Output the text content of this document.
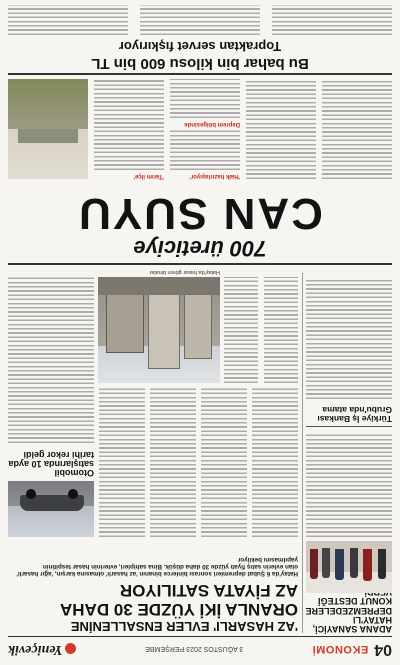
04
EKONOMİ
3 AĞUSTOS 2023 PERŞEMBE
Yeniçevik
ADANA SANAYİCİ, HATAY'LI DEPREMZEDELERE KONUT DESTEĞİ
Türkiye İş Bankası Grubu'nda atama
'AZ HASARLI' EVLER ENSALLENİNE
ORANLA İKİ YÜZDE 30 DAHA
AZ FİYATA SATILIYOR
Hatay'da 6 Şubat depremleri sonrası binlerce binanın 'az hasarlı' olmasına karşın, 'ağır hasarlı' olan evlerin satış fiyatı yüzde 30 daha düşük. Bina sahipleri, evlerinin hasar tespitinin yapılmasını bekliyor
Otomobil satışlarında 10 ayda tarihi rekor geldi
Hatay'da hasar gören binalar
700 üreticiye
CAN SUYU
'Halk hazırlaşıyor'
Deprem bölgesinde
'Tarım ilçe'
Bu bahar bin kilosu 600 bin TL
Topraktan servet fışkırıyor
